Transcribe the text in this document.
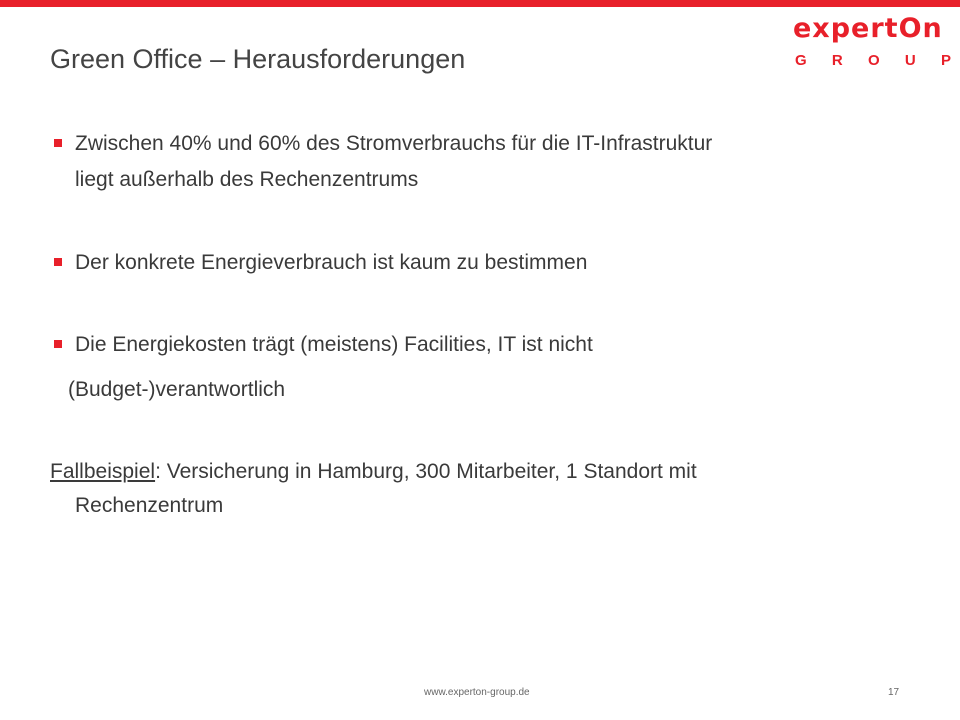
Green Office – Herausforderungen
expertOn
G R O U P
Zwischen 40% und 60% des Stromverbrauchs für die IT-Infrastruktur
liegt außerhalb des Rechenzentrums
Der konkrete Energieverbrauch ist kaum zu bestimmen
Die Energiekosten trägt (meistens) Facilities, IT ist nicht
(Budget-)verantwortlich
Fallbeispiel: Versicherung in Hamburg, 300 Mitarbeiter, 1 Standort mit
Rechenzentrum
www.experton-group.de	17
